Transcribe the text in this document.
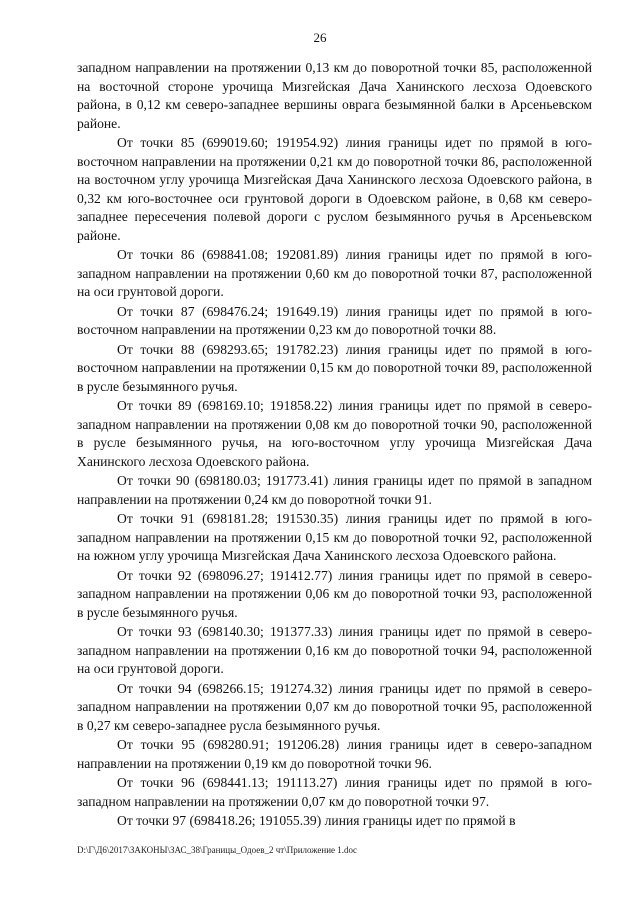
26

западном направлении на протяжении 0,13 км до поворотной точки 85, расположенной на восточной стороне урочища Мизгейская Дача Ханинского лесхоза Одоевского района, в 0,12 км северо-западнее вершины оврага безымянной балки в Арсеньевском районе.

От точки 85 (699019.60; 191954.92) линия границы идет по прямой в юго-восточном направлении на протяжении 0,21 км до поворотной точки 86, расположенной на восточном углу урочища Мизгейская Дача Ханинского лесхоза Одоевского района, в 0,32 км юго-восточнее оси грунтовой дороги в Одоевском районе, в 0,68 км северо-западнее пересечения полевой дороги с руслом безымянного ручья в Арсеньевском районе.

От точки 86 (698841.08; 192081.89) линия границы идет по прямой в юго-западном направлении на протяжении 0,60 км до поворотной точки 87, расположенной на оси грунтовой дороги.

От точки 87 (698476.24; 191649.19) линия границы идет по прямой в юго-восточном направлении на протяжении 0,23 км до поворотной точки 88.

От точки 88 (698293.65; 191782.23) линия границы идет по прямой в юго-восточном направлении на протяжении 0,15 км до поворотной точки 89, расположенной в русле безымянного ручья.

От точки 89 (698169.10; 191858.22) линия границы идет по прямой в северо-западном направлении на протяжении 0,08 км до поворотной точки 90, расположенной в русле безымянного ручья, на юго-восточном углу урочища Мизгейская Дача Ханинского лесхоза Одоевского района.

От точки 90 (698180.03; 191773.41) линия границы идет по прямой в западном направлении на протяжении 0,24 км до поворотной точки 91.

От точки 91 (698181.28; 191530.35) линия границы идет по прямой в юго-западном направлении на протяжении 0,15 км до поворотной точки 92, расположенной на южном углу урочища Мизгейская Дача Ханинского лесхоза Одоевского района.

От точки 92 (698096.27; 191412.77) линия границы идет по прямой в северо-западном направлении на протяжении 0,06 км до поворотной точки 93, расположенной в русле безымянного ручья.

От точки 93 (698140.30; 191377.33) линия границы идет по прямой в северо-западном направлении на протяжении 0,16 км до поворотной точки 94, расположенной на оси грунтовой дороги.

От точки 94 (698266.15; 191274.32) линия границы идет по прямой в северо-западном направлении на протяжении 0,07 км до поворотной точки 95, расположенной в 0,27 км северо-западнее русла безымянного ручья.

От точки 95 (698280.91; 191206.28) линия границы идет в северо-западном направлении на протяжении 0,19 км до поворотной точки 96.

От точки 96 (698441.13; 191113.27) линия границы идет по прямой в юго-западном направлении на протяжении 0,07 км до поворотной точки 97.

От точки 97 (698418.26; 191055.39) линия границы идет по прямой в

D:\Г\Д6\2017\ЗАКОНЫ\ЗАС_38\Границы_Одоев_2 чт\Приложение 1.doc
